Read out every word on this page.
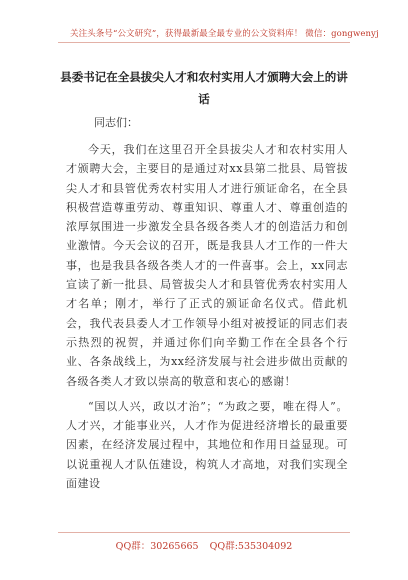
关注头条号“公文研究”，获得最新最全最专业的公文资料库！ 微信：gongwenyj
县委书记在全县拔尖人才和农村实用人才颁聘大会上的讲话
同志们：

今天，我们在这里召开全县拔尖人才和农村实用人才颁聘大会，主要目的是通过对xx县第二批县、局管拔尖人才和县管优秀农村实用人才进行颁证命名，在全县积极营造尊重劳动、尊重知识、尊重人才、尊重创造的浓厚氛围进一步激发全县各级各类人才的创造活力和创业激情。今天会议的召开，既是我县人才工作的一件大事，也是我县各级各类人才的一件喜事。会上，xx同志宣读了新一批县、局管拔尖人才和县管优秀农村实用人才名单；刚才，举行了正式的颁证命名仪式。借此机会，我代表县委人才工作领导小组对被授证的同志们表示热烈的祝贺，并通过你们向辛勤工作在全县各个行业、各条战线上，为xx经济发展与社会进步做出贡献的各级各类人才致以崇高的敬意和衷心的感谢！

“国以人兴，政以才治”；“为政之要，唯在得人”。人才兴，才能事业兴，人才作为促进经济增长的最重要因素，在经济发展过程中，其地位和作用日益显现。可以说重视人才队伍建设，构筑人才高地，对我们实现全面建设

QQ群：30265665 QQ群:535304092
